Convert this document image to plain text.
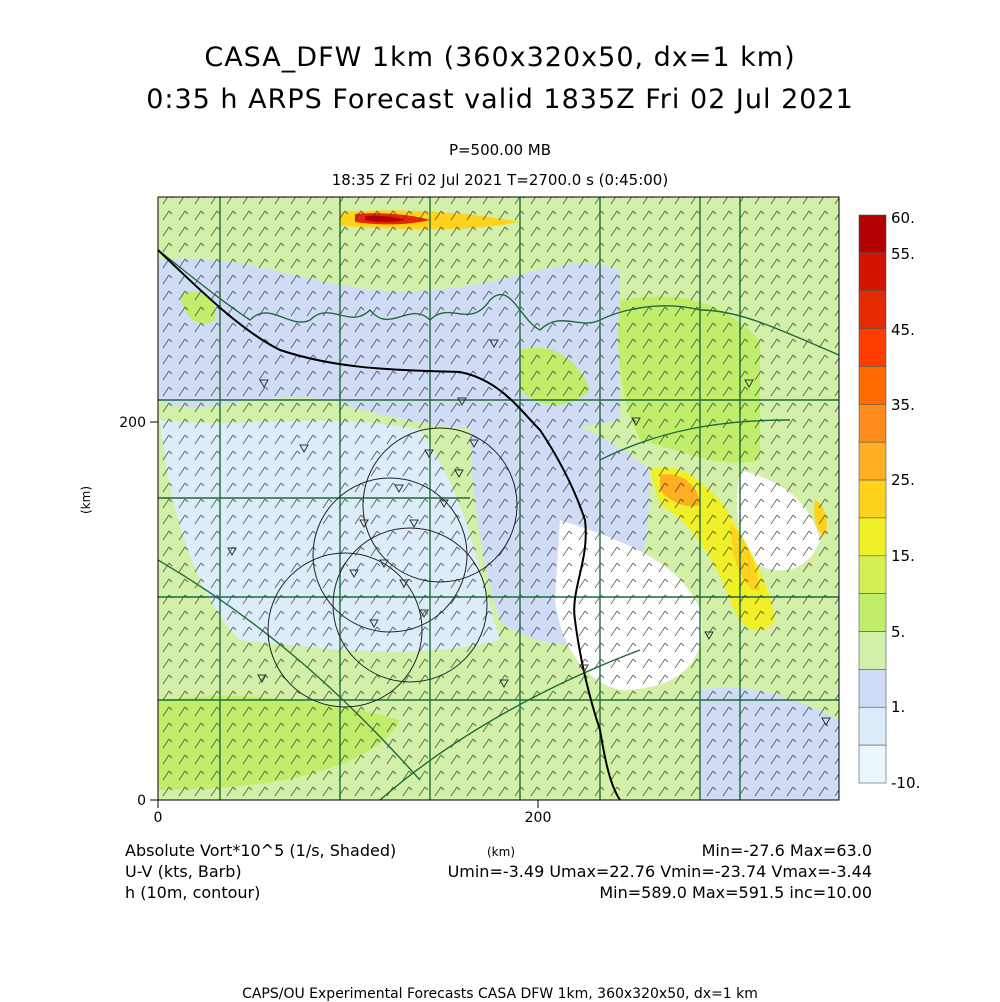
CASA_DFW 1km (360x320x50, dx=1 km)
0:35 h ARPS Forecast valid 1835Z Fri 02 Jul 2021
P=500.00 MB
18:35 Z Fri 02 Jul 2021 T=2700.0 s (0:45:00)
0	200
0
200
(km)
60.
55.
45.
35.
25.
15.
5.
1.
-10.
Absolute Vort*10^5 (1/s, Shaded)	(km)	Min=-27.6 Max=63.0
U-V (kts, Barb)	Umin=-3.49 Umax=22.76 Vmin=-23.74 Vmax=-3.44
h (10m, contour)	Min=589.0 Max=591.5 inc=10.00
CAPS/OU Experimental Forecasts CASA DFW 1km, 360x320x50, dx=1 km
